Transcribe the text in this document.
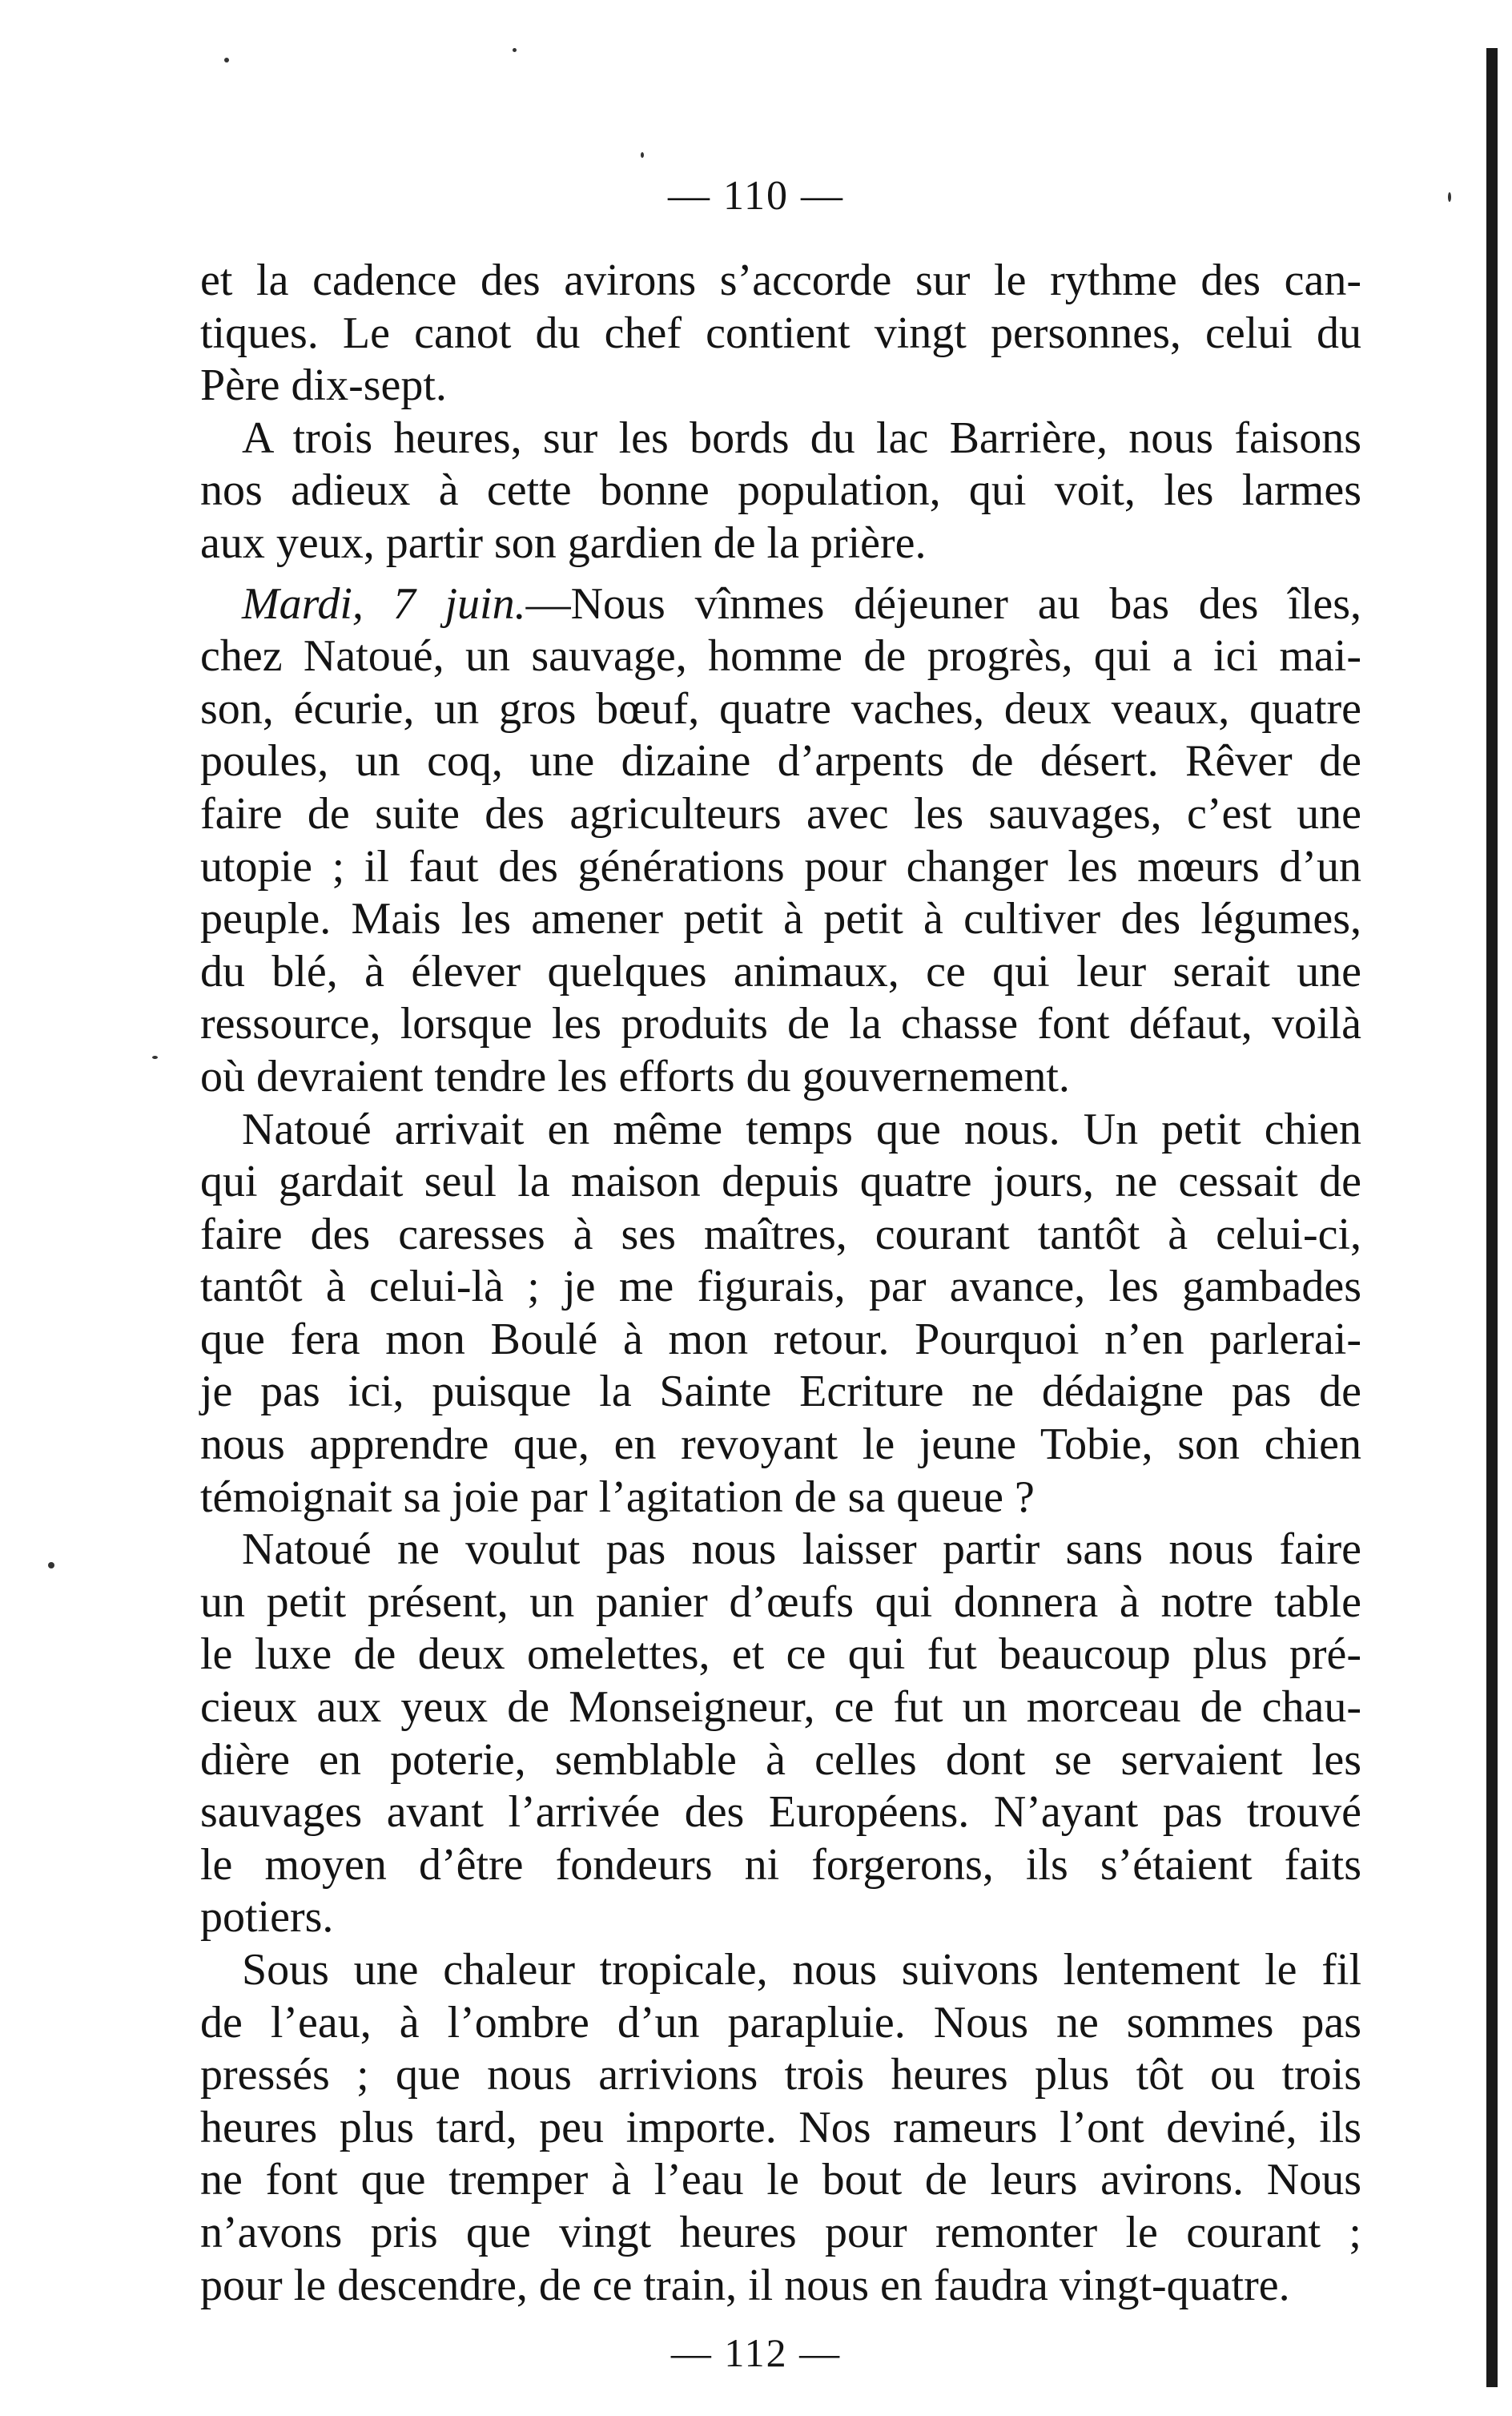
— 110 —
et la cadence des avirons s’accorde sur le rythme des can-
tiques. Le canot du chef contient vingt personnes, celui du
Père dix-sept.
A trois heures, sur les bords du lac Barrière, nous faisons
nos adieux à cette bonne population, qui voit, les larmes
aux yeux, partir son gardien de la prière.
Mardi, 7 juin.—Nous vînmes déjeuner au bas des îles,
chez Natoué, un sauvage, homme de progrès, qui a ici mai-
son, écurie, un gros bœuf, quatre vaches, deux veaux, quatre
poules, un coq, une dizaine d’arpents de désert. Rêver de
faire de suite des agriculteurs avec les sauvages, c’est une
utopie ; il faut des générations pour changer les mœurs d’un
peuple. Mais les amener petit à petit à cultiver des légumes,
du blé, à élever quelques animaux, ce qui leur serait une
ressource, lorsque les produits de la chasse font défaut, voilà
où devraient tendre les efforts du gouvernement.
Natoué arrivait en même temps que nous. Un petit chien
qui gardait seul la maison depuis quatre jours, ne cessait de
faire des caresses à ses maîtres, courant tantôt à celui-ci,
tantôt à celui-là ; je me figurais, par avance, les gambades
que fera mon Boulé à mon retour. Pourquoi n’en parlerai-
je pas ici, puisque la Sainte Ecriture ne dédaigne pas de
nous apprendre que, en revoyant le jeune Tobie, son chien
témoignait sa joie par l’agitation de sa queue ?
Natoué ne voulut pas nous laisser partir sans nous faire
un petit présent, un panier d’œufs qui donnera à notre table
le luxe de deux omelettes, et ce qui fut beaucoup plus pré-
cieux aux yeux de Monseigneur, ce fut un morceau de chau-
dière en poterie, semblable à celles dont se servaient les
sauvages avant l’arrivée des Européens. N’ayant pas trouvé
le moyen d’être fondeurs ni forgerons, ils s’étaient faits
potiers.
Sous une chaleur tropicale, nous suivons lentement le fil
de l’eau, à l’ombre d’un parapluie. Nous ne sommes pas
pressés ; que nous arrivions trois heures plus tôt ou trois
heures plus tard, peu importe. Nos rameurs l’ont deviné, ils
ne font que tremper à l’eau le bout de leurs avirons. Nous
n’avons pris que vingt heures pour remonter le courant ;
pour le descendre, de ce train, il nous en faudra vingt-quatre.
— 112 —
